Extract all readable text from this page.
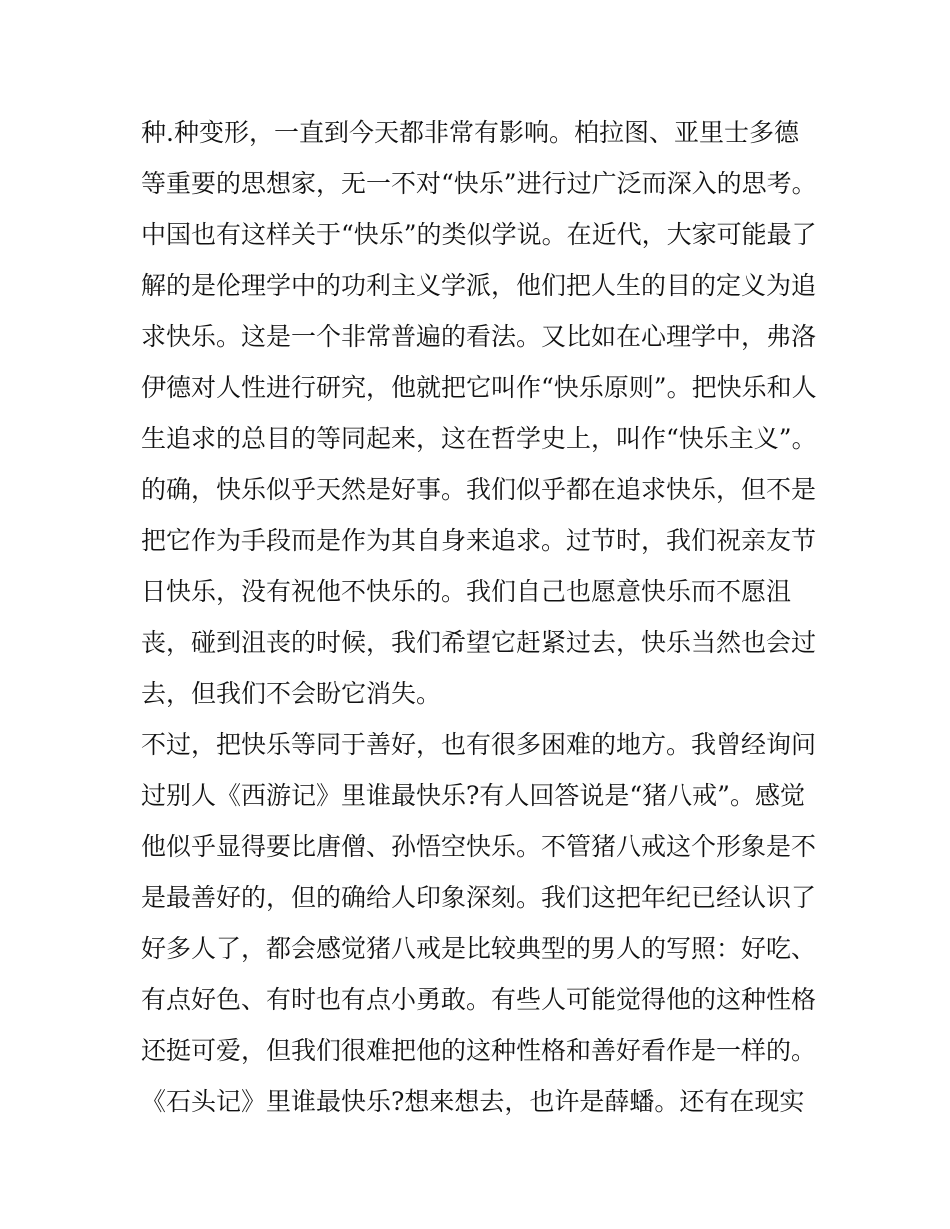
种.种变形，一直到今天都非常有影响。柏拉图、亚里士多德
等重要的思想家，无一不对“快乐”进行过广泛而深入的思考。
中国也有这样关于“快乐”的类似学说。在近代，大家可能最了
解的是伦理学中的功利主义学派，他们把人生的目的定义为追
求快乐。这是一个非常普遍的看法。又比如在心理学中，弗洛
伊德对人性进行研究，他就把它叫作“快乐原则”。把快乐和人
生追求的总目的等同起来，这在哲学史上，叫作“快乐主义”。
的确，快乐似乎天然是好事。我们似乎都在追求快乐，但不是
把它作为手段而是作为其自身来追求。过节时，我们祝亲友节
日快乐，没有祝他不快乐的。我们自己也愿意快乐而不愿沮
丧，碰到沮丧的时候，我们希望它赶紧过去，快乐当然也会过
去，但我们不会盼它消失。
不过，把快乐等同于善好，也有很多困难的地方。我曾经询问
过别人《西游记》里谁最快乐?有人回答说是“猪八戒”。感觉
他似乎显得要比唐僧、孙悟空快乐。不管猪八戒这个形象是不
是最善好的，但的确给人印象深刻。我们这把年纪已经认识了
好多人了，都会感觉猪八戒是比较典型的男人的写照：好吃、
有点好色、有时也有点小勇敢。有些人可能觉得他的这种性格
还挺可爱，但我们很难把他的这种性格和善好看作是一样的。
《石头记》里谁最快乐?想来想去，也许是薛蟠。还有在现实
